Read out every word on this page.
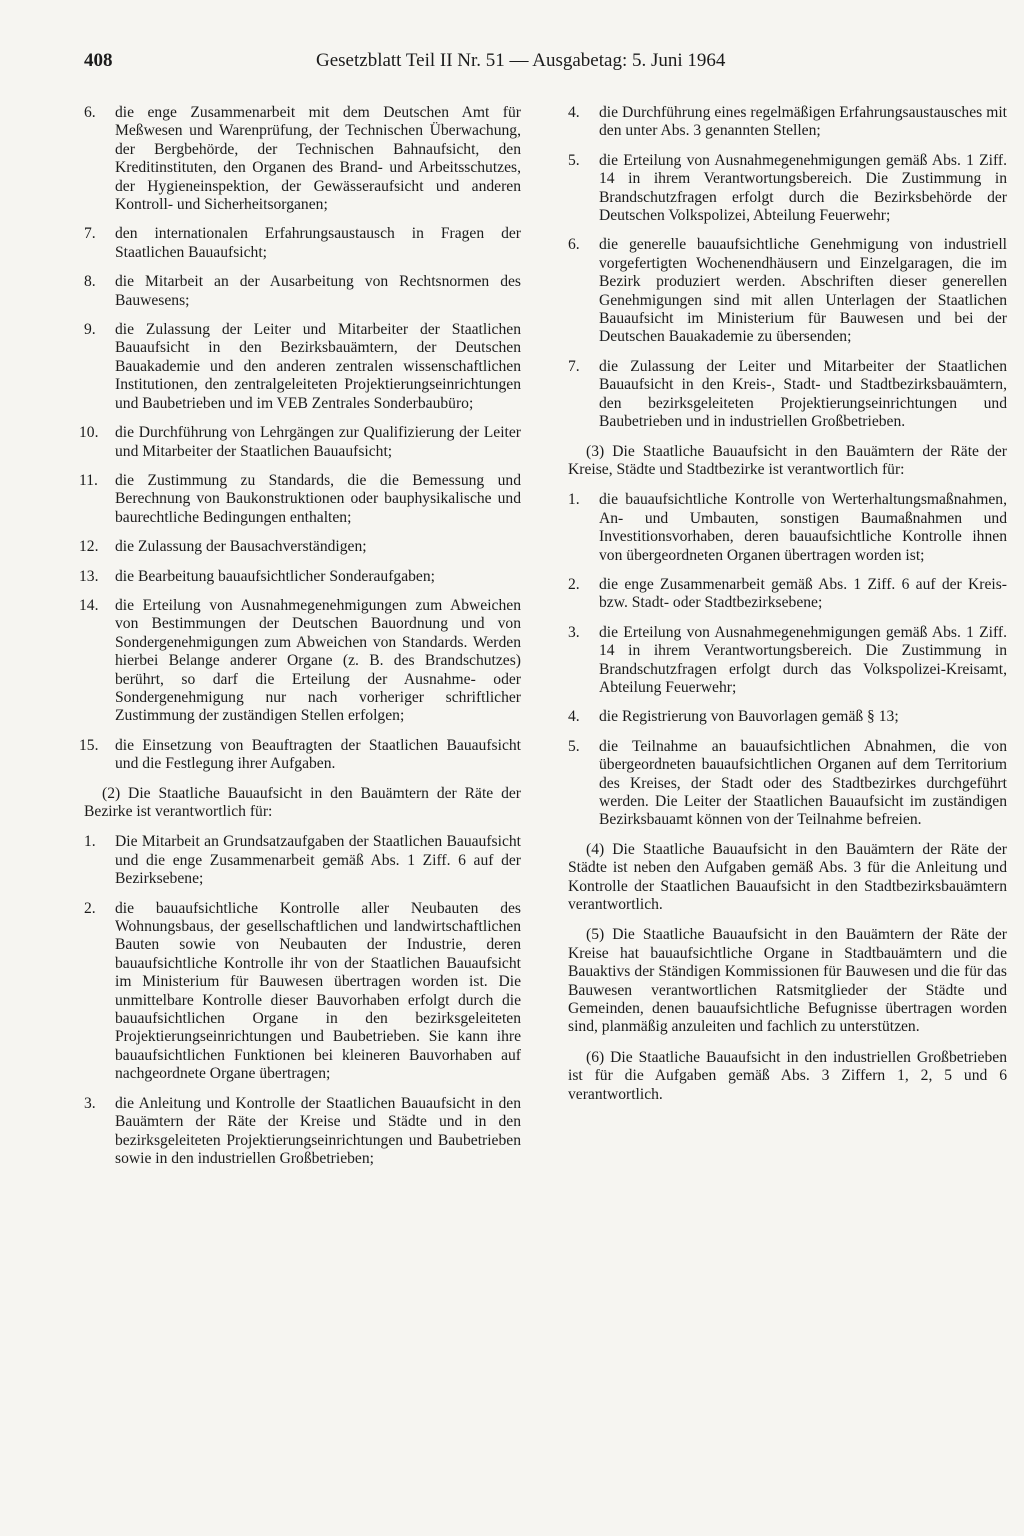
408	Gesetzblatt Teil II Nr. 51 — Ausgabetag: 5. Juni 1964
6. die enge Zusammenarbeit mit dem Deutschen Amt für Meßwesen und Warenprüfung, der Technischen Überwachung, der Bergbehörde, der Technischen Bahnaufsicht, den Kreditinstituten, den Organen des Brand- und Arbeitsschutzes, der Hygieneinspektion, der Gewässeraufsicht und anderen Kontroll- und Sicherheitsorganen;
7. den internationalen Erfahrungsaustausch in Fragen der Staatlichen Bauaufsicht;
8. die Mitarbeit an der Ausarbeitung von Rechtsnormen des Bauwesens;
9. die Zulassung der Leiter und Mitarbeiter der Staatlichen Bauaufsicht in den Bezirksbauämtern, der Deutschen Bauakademie und den anderen zentralen wissenschaftlichen Institutionen, den zentralgeleiteten Projektierungseinrichtungen und Baubetrieben und im VEB Zentrales Sonderbaubüro;
10. die Durchführung von Lehrgängen zur Qualifizierung der Leiter und Mitarbeiter der Staatlichen Bauaufsicht;
11. die Zustimmung zu Standards, die die Bemessung und Berechnung von Baukonstruktionen oder bauphysikalische und baurechtliche Bedingungen enthalten;
12. die Zulassung der Bausachverständigen;
13. die Bearbeitung bauaufsichtlicher Sonderaufgaben;
14. die Erteilung von Ausnahmegenehmigungen zum Abweichen von Bestimmungen der Deutschen Bauordnung und von Sondergenehmigungen zum Abweichen von Standards. Werden hierbei Belange anderer Organe (z. B. des Brandschutzes) berührt, so darf die Erteilung der Ausnahme- oder Sondergenehmigung nur nach vorheriger schriftlicher Zustimmung der zuständigen Stellen erfolgen;
15. die Einsetzung von Beauftragten der Staatlichen Bauaufsicht und die Festlegung ihrer Aufgaben.
(2) Die Staatliche Bauaufsicht in den Bauämtern der Räte der Bezirke ist verantwortlich für:
1. Die Mitarbeit an Grundsatzaufgaben der Staatlichen Bauaufsicht und die enge Zusammenarbeit gemäß Abs. 1 Ziff. 6 auf der Bezirksebene;
2. die bauaufsichtliche Kontrolle aller Neubauten des Wohnungsbaus, der gesellschaftlichen und landwirtschaftlichen Bauten sowie von Neubauten der Industrie, deren bauaufsichtliche Kontrolle ihr von der Staatlichen Bauaufsicht im Ministerium für Bauwesen übertragen worden ist. Die unmittelbare Kontrolle dieser Bauvorhaben erfolgt durch die bauaufsichtlichen Organe in den bezirksgeleiteten Projektierungseinrichtungen und Baubetrieben. Sie kann ihre bauaufsichtlichen Funktionen bei kleineren Bauvorhaben auf nachgeordnete Organe übertragen;
3. die Anleitung und Kontrolle der Staatlichen Bauaufsicht in den Bauämtern der Räte der Kreise und Städte und in den bezirksgeleiteten Projektierungseinrichtungen und Baubetrieben sowie in den industriellen Großbetrieben;
4. die Durchführung eines regelmäßigen Erfahrungsaustausches mit den unter Abs. 3 genannten Stellen;
5. die Erteilung von Ausnahmegenehmigungen gemäß Abs. 1 Ziff. 14 in ihrem Verantwortungsbereich. Die Zustimmung in Brandschutzfragen erfolgt durch die Bezirksbehörde der Deutschen Volkspolizei, Abteilung Feuerwehr;
6. die generelle bauaufsichtliche Genehmigung von industriell vorgefertigten Wochenendhäusern und Einzelgaragen, die im Bezirk produziert werden. Abschriften dieser generellen Genehmigungen sind mit allen Unterlagen der Staatlichen Bauaufsicht im Ministerium für Bauwesen und bei der Deutschen Bauakademie zu übersenden;
7. die Zulassung der Leiter und Mitarbeiter der Staatlichen Bauaufsicht in den Kreis-, Stadt- und Stadtbezirksbauämtern, den bezirksgeleiteten Projektierungseinrichtungen und Baubetrieben und in industriellen Großbetrieben.
(3) Die Staatliche Bauaufsicht in den Bauämtern der Räte der Kreise, Städte und Stadtbezirke ist verantwortlich für:
1. die bauaufsichtliche Kontrolle von Werterhaltungsmaßnahmen, An- und Umbauten, sonstigen Baumaßnahmen und Investitionsvorhaben, deren bauaufsichtliche Kontrolle ihnen von übergeordneten Organen übertragen worden ist;
2. die enge Zusammenarbeit gemäß Abs. 1 Ziff. 6 auf der Kreis- bzw. Stadt- oder Stadtbezirksebene;
3. die Erteilung von Ausnahmegenehmigungen gemäß Abs. 1 Ziff. 14 in ihrem Verantwortungsbereich. Die Zustimmung in Brandschutzfragen erfolgt durch das Volkspolizei-Kreisamt, Abteilung Feuerwehr;
4. die Registrierung von Bauvorlagen gemäß § 13;
5. die Teilnahme an bauaufsichtlichen Abnahmen, die von übergeordneten bauaufsichtlichen Organen auf dem Territorium des Kreises, der Stadt oder des Stadtbezirkes durchgeführt werden. Die Leiter der Staatlichen Bauaufsicht im zuständigen Bezirksbauamt können von der Teilnahme befreien.
(4) Die Staatliche Bauaufsicht in den Bauämtern der Räte der Städte ist neben den Aufgaben gemäß Abs. 3 für die Anleitung und Kontrolle der Staatlichen Bauaufsicht in den Stadtbezirksbauämtern verantwortlich.
(5) Die Staatliche Bauaufsicht in den Bauämtern der Räte der Kreise hat bauaufsichtliche Organe in Stadtbauämtern und die Bauaktivs der Ständigen Kommissionen für Bauwesen und die für das Bauwesen verantwortlichen Ratsmitglieder der Städte und Gemeinden, denen bauaufsichtliche Befugnisse übertragen worden sind, planmäßig anzuleiten und fachlich zu unterstützen.
(6) Die Staatliche Bauaufsicht in den industriellen Großbetrieben ist für die Aufgaben gemäß Abs. 3 Ziffern 1, 2, 5 und 6 verantwortlich.
